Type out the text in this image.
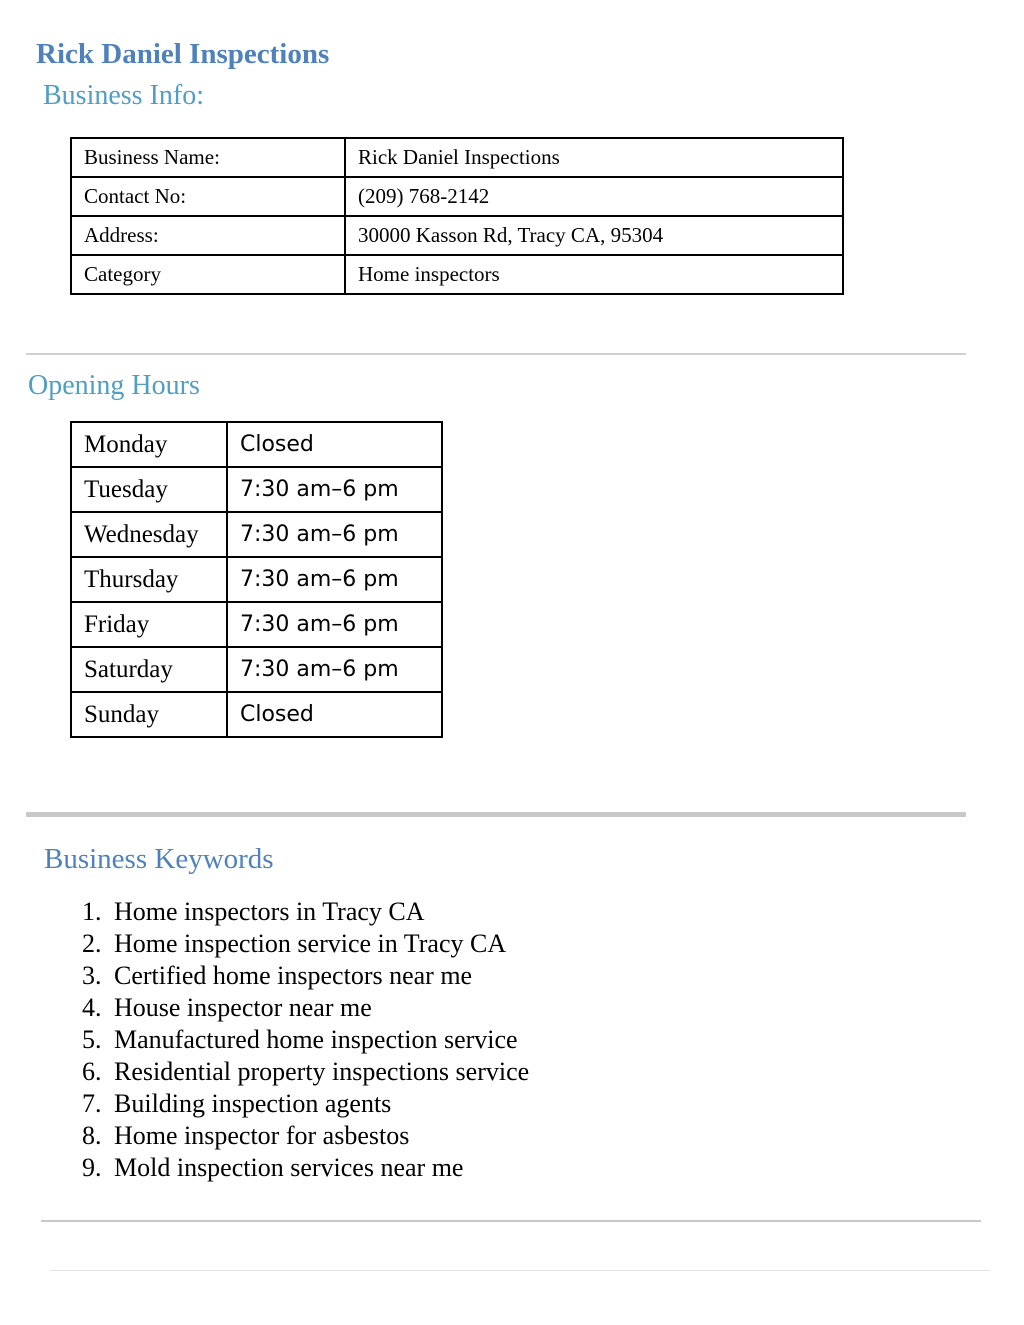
Rick Daniel Inspections
Business Info:
Business Name:	Rick Daniel Inspections
Contact No:	(209) 768-2142
Address:	30000 Kasson Rd, Tracy CA, 95304
Category	Home inspectors
Opening Hours
Monday	Closed
Tuesday	7:30 am–6 pm
Wednesday	7:30 am–6 pm
Thursday	7:30 am–6 pm
Friday	7:30 am–6 pm
Saturday	7:30 am–6 pm
Sunday	Closed
Business Keywords
1. Home inspectors in Tracy CA
2. Home inspection service in Tracy CA
3. Certified home inspectors near me
4. House inspector near me
5. Manufactured home inspection service
6. Residential property inspections service
7. Building inspection agents
8. Home inspector for asbestos
9. Mold inspection services near me
